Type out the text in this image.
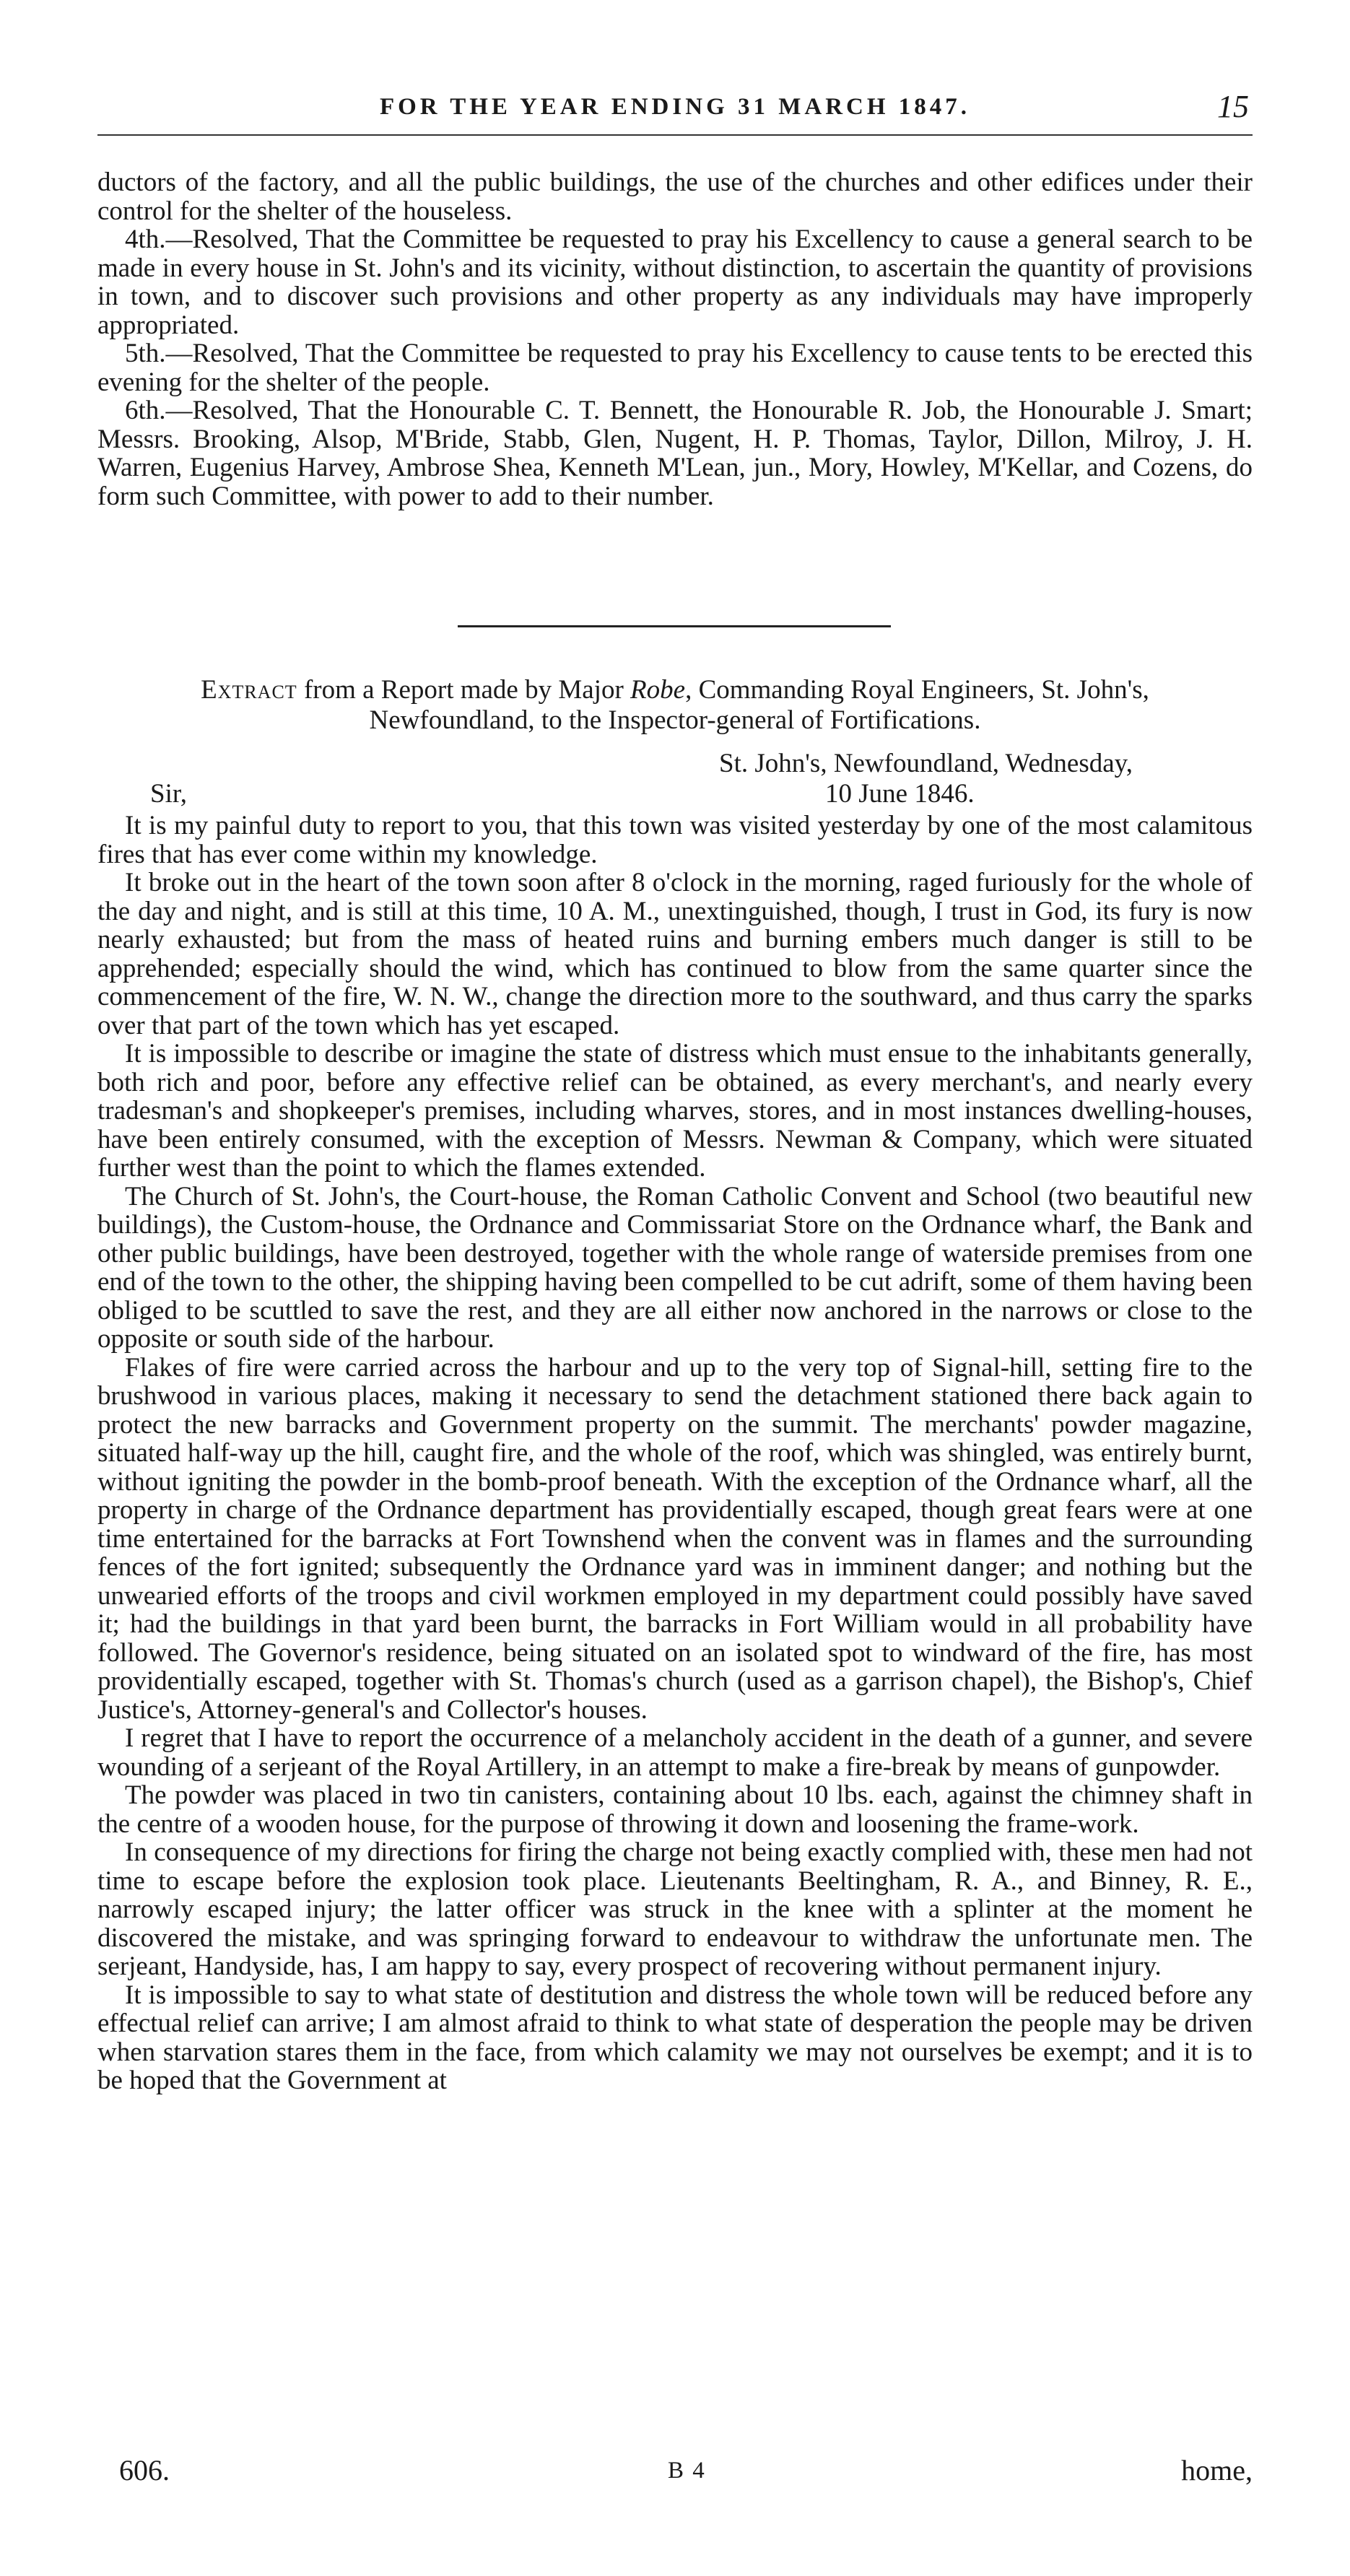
FOR THE YEAR ENDING 31 MARCH 1847.	15

ductors of the factory, and all the public buildings, the use of the churches and other edifices under their control for the shelter of the houseless.

4th.—Resolved, That the Committee be requested to pray his Excellency to cause a general search to be made in every house in St. John's and its vicinity, without distinction, to ascertain the quantity of provisions in town, and to discover such provisions and other property as any individuals may have improperly appropriated.

5th.—Resolved, That the Committee be requested to pray his Excellency to cause tents to be erected this evening for the shelter of the people.

6th.—Resolved, That the Honourable C. T. Bennett, the Honourable R. Job, the Honourable J. Smart; Messrs. Brooking, Alsop, M'Bride, Stabb, Glen, Nugent, H. P. Thomas, Taylor, Dillon, Milroy, J. H. Warren, Eugenius Harvey, Ambrose Shea, Kenneth M'Lean, jun., Mory, Howley, M'Kellar, and Cozens, do form such Committee, with power to add to their number.

Extract from a Report made by Major Robe, Commanding Royal Engineers, St. John's,
Newfoundland, to the Inspector-general of Fortifications.
St. John's, Newfoundland, Wednesday,
Sir,	10 June 1846.

It is my painful duty to report to you, that this town was visited yesterday by one of the most calamitous fires that has ever come within my knowledge.

It broke out in the heart of the town soon after 8 o'clock in the morning, raged furiously for the whole of the day and night, and is still at this time, 10 A. M., unextinguished, though, I trust in God, its fury is now nearly exhausted; but from the mass of heated ruins and burning embers much danger is still to be apprehended; especially should the wind, which has continued to blow from the same quarter since the commencement of the fire, W. N. W., change the direction more to the southward, and thus carry the sparks over that part of the town which has yet escaped.

It is impossible to describe or imagine the state of distress which must ensue to the inhabitants generally, both rich and poor, before any effective relief can be obtained, as every merchant's, and nearly every tradesman's and shopkeeper's premises, including wharves, stores, and in most instances dwelling-houses, have been entirely consumed, with the exception of Messrs. Newman & Company, which were situated further west than the point to which the flames extended.

The Church of St. John's, the Court-house, the Roman Catholic Convent and School (two beautiful new buildings), the Custom-house, the Ordnance and Commissariat Store on the Ordnance wharf, the Bank and other public buildings, have been destroyed, together with the whole range of waterside premises from one end of the town to the other, the shipping having been compelled to be cut adrift, some of them having been obliged to be scuttled to save the rest, and they are all either now anchored in the narrows or close to the opposite or south side of the harbour.

Flakes of fire were carried across the harbour and up to the very top of Signal-hill, setting fire to the brushwood in various places, making it necessary to send the detachment stationed there back again to protect the new barracks and Government property on the summit. The merchants' powder magazine, situated half-way up the hill, caught fire, and the whole of the roof, which was shingled, was entirely burnt, without igniting the powder in the bomb-proof beneath. With the exception of the Ordnance wharf, all the property in charge of the Ordnance department has providentially escaped, though great fears were at one time entertained for the barracks at Fort Townshend when the convent was in flames and the surrounding fences of the fort ignited; subsequently the Ordnance yard was in imminent danger; and nothing but the unwearied efforts of the troops and civil workmen employed in my department could possibly have saved it; had the buildings in that yard been burnt, the barracks in Fort William would in all probability have followed. The Governor's residence, being situated on an isolated spot to windward of the fire, has most providentially escaped, together with St. Thomas's church (used as a garrison chapel), the Bishop's, Chief Justice's, Attorney-general's and Collector's houses.

I regret that I have to report the occurrence of a melancholy accident in the death of a gunner, and severe wounding of a serjeant of the Royal Artillery, in an attempt to make a fire-break by means of gunpowder.

The powder was placed in two tin canisters, containing about 10 lbs. each, against the chimney shaft in the centre of a wooden house, for the purpose of throwing it down and loosening the frame-work.

In consequence of my directions for firing the charge not being exactly complied with, these men had not time to escape before the explosion took place. Lieutenants Beeltingham, R. A., and Binney, R. E., narrowly escaped injury; the latter officer was struck in the knee with a splinter at the moment he discovered the mistake, and was springing forward to endeavour to withdraw the unfortunate men. The serjeant, Handyside, has, I am happy to say, every prospect of recovering without permanent injury.

It is impossible to say to what state of destitution and distress the whole town will be reduced before any effectual relief can arrive; I am almost afraid to think to what state of desperation the people may be driven when starvation stares them in the face, from which calamity we may not ourselves be exempt; and it is to be hoped that the Government at

606.	B 4	home,
